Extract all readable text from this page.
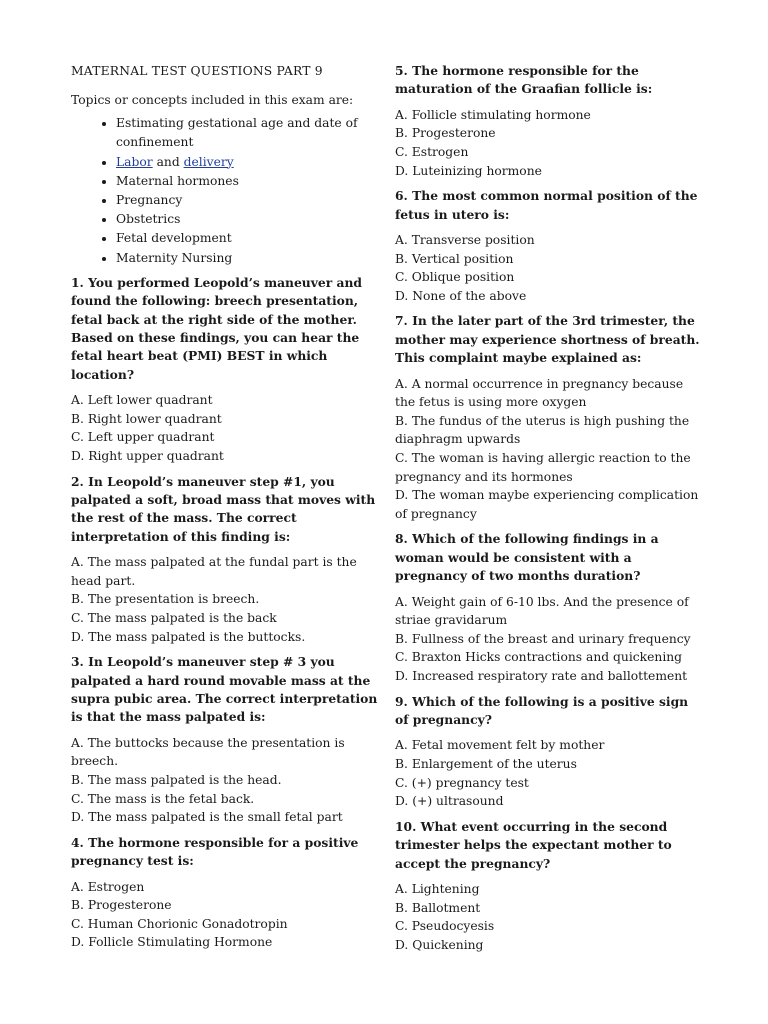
MATERNAL TEST QUESTIONS PART 9

Topics or concepts included in this exam are:

• Estimating gestational age and date of confinement
• Labor and delivery
• Maternal hormones
• Pregnancy
• Obstetrics
• Fetal development
• Maternity Nursing

1. You performed Leopold’s maneuver and found the following: breech presentation, fetal back at the right side of the mother. Based on these findings, you can hear the fetal heart beat (PMI) BEST in which location?

A. Left lower quadrant

B. Right lower quadrant

C. Left upper quadrant

D. Right upper quadrant

2. In Leopold’s maneuver step #1, you palpated a soft, broad mass that moves with the rest of the mass. The correct interpretation of this finding is:

A. The mass palpated at the fundal part is the head part.

B. The presentation is breech.

C. The mass palpated is the back

D. The mass palpated is the buttocks.

3. In Leopold’s maneuver step # 3 you palpated a hard round movable mass at the supra pubic area. The correct interpretation is that the mass palpated is:

A. The buttocks because the presentation is breech.

B. The mass palpated is the head.

C. The mass is the fetal back.

D. The mass palpated is the small fetal part

4. The hormone responsible for a positive pregnancy test is:

A. Estrogen

B. Progesterone

C. Human Chorionic Gonadotropin

D. Follicle Stimulating Hormone

5. The hormone responsible for the maturation of the Graafian follicle is:

A. Follicle stimulating hormone

B. Progesterone

C. Estrogen

D. Luteinizing hormone

6. The most common normal position of the fetus in utero is:

A. Transverse position

B. Vertical position

C. Oblique position

D. None of the above

7. In the later part of the 3rd trimester, the mother may experience shortness of breath. This complaint maybe explained as:

A. A normal occurrence in pregnancy because the fetus is using more oxygen

B. The fundus of the uterus is high pushing the diaphragm upwards

C. The woman is having allergic reaction to the pregnancy and its hormones

D. The woman maybe experiencing complication of pregnancy

8. Which of the following findings in a woman would be consistent with a pregnancy of two months duration?

A. Weight gain of 6-10 lbs. And the presence of striae gravidarum

B. Fullness of the breast and urinary frequency

C. Braxton Hicks contractions and quickening

D. Increased respiratory rate and ballottement

9. Which of the following is a positive sign of pregnancy?

A. Fetal movement felt by mother

B. Enlargement of the uterus

C. (+) pregnancy test

D. (+) ultrasound

10. What event occurring in the second trimester helps the expectant mother to accept the pregnancy?

A. Lightening

B. Ballotment

C. Pseudocyesis

D. Quickening
